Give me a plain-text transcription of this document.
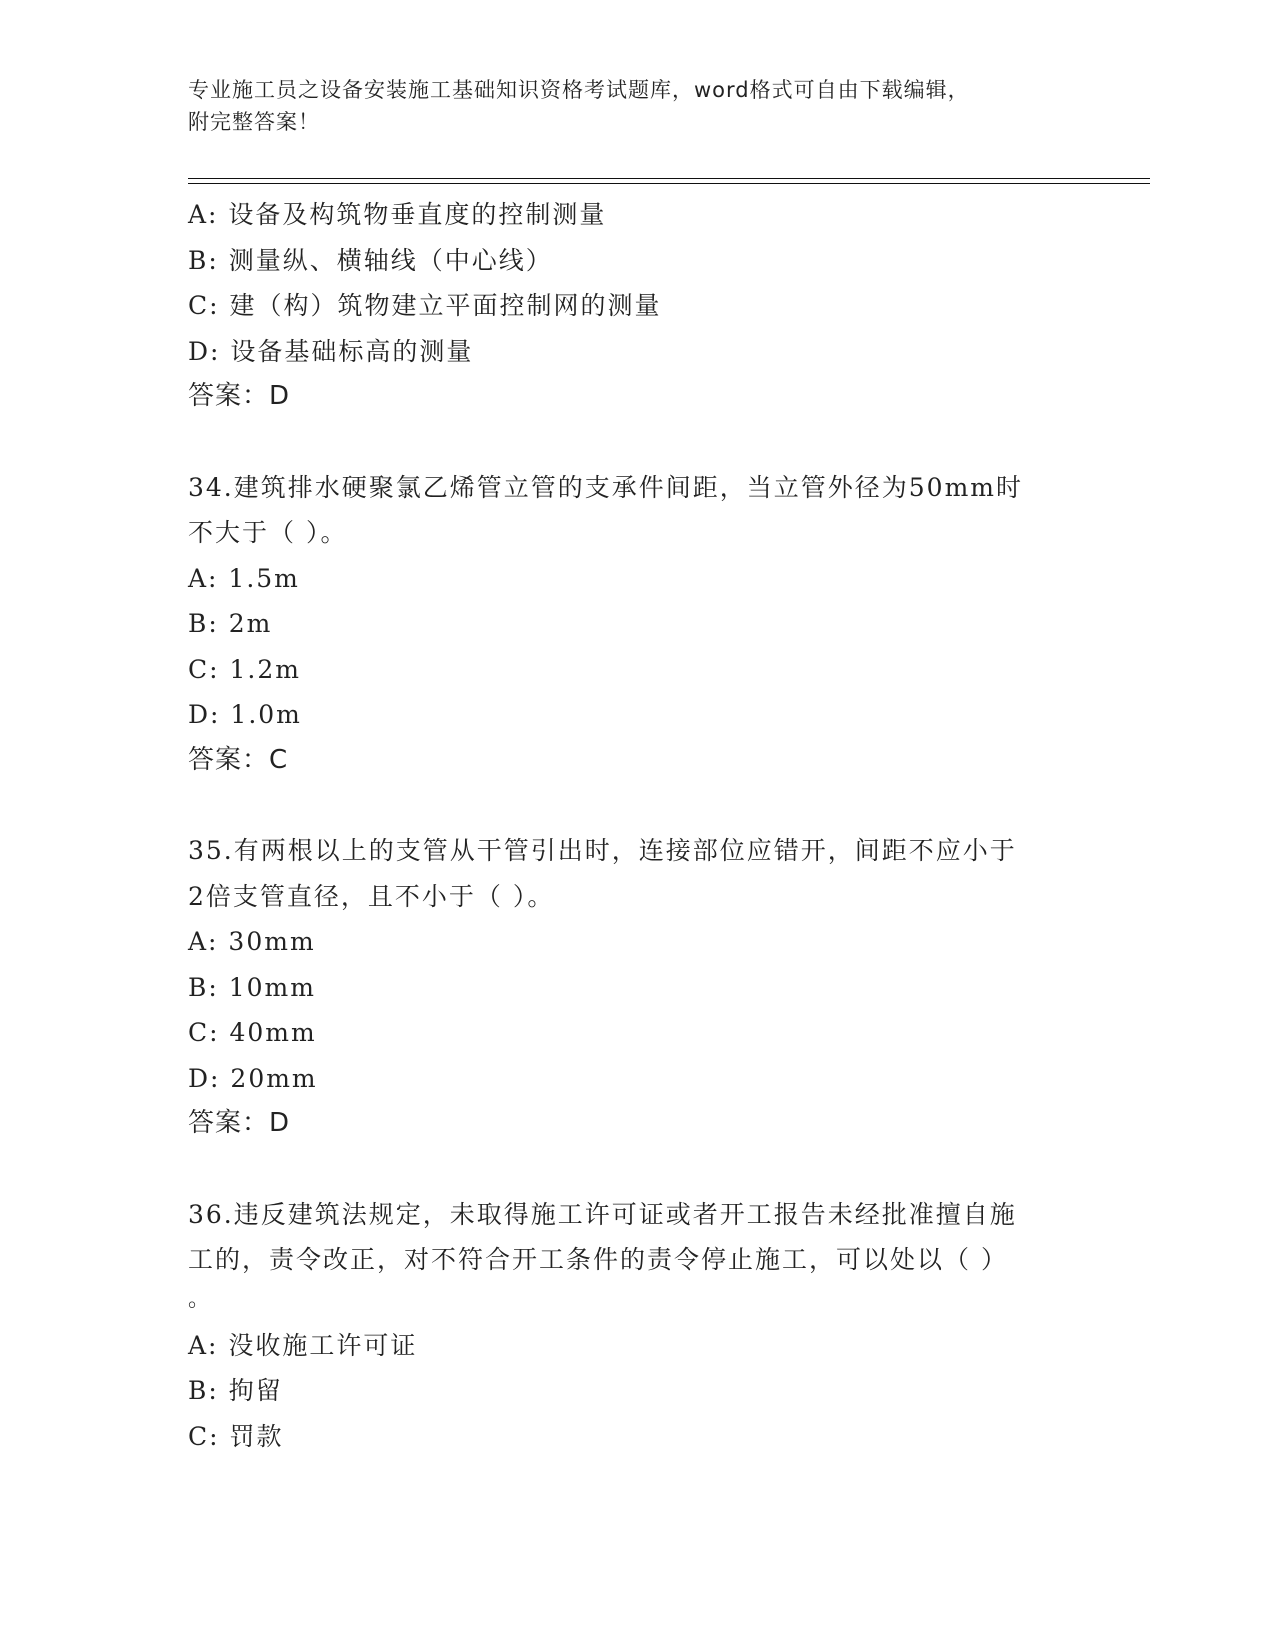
专业施工员之设备安装施工基础知识资格考试题库，word格式可自由下载编辑，
附完整答案！
A: 设备及构筑物垂直度的控制测量
B: 测量纵、横轴线（中心线）
C: 建（构）筑物建立平面控制网的测量
D: 设备基础标高的测量
答案：D
34.建筑排水硬聚氯乙烯管立管的支承件间距，当立管外径为50mm时
不大于（ ）。
A: 1.5m
B: 2m
C: 1.2m
D: 1.0m
答案：C
35.有两根以上的支管从干管引出时，连接部位应错开，间距不应小于
2倍支管直径，且不小于（ ）。
A: 30mm
B: 10mm
C: 40mm
D: 20mm
答案：D
36.违反建筑法规定，未取得施工许可证或者开工报告未经批准擅自施
工的，责令改正，对不符合开工条件的责令停止施工，可以处以（ ）
。
A: 没收施工许可证
B: 拘留
C: 罚款
